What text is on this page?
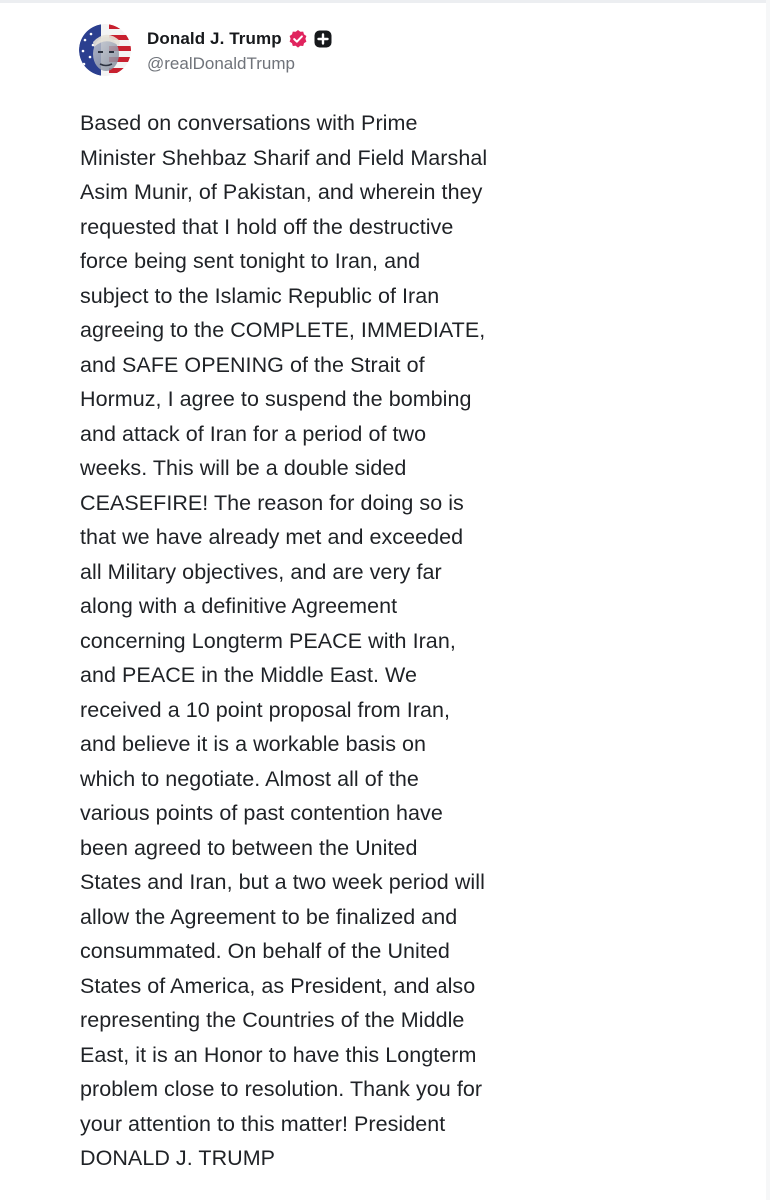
Donald J. Trump
@realDonaldTrump
Based on conversations with Prime
Minister Shehbaz Sharif and Field Marshal
Asim Munir, of Pakistan, and wherein they
requested that I hold off the destructive
force being sent tonight to Iran, and
subject to the Islamic Republic of Iran
agreeing to the COMPLETE, IMMEDIATE,
and SAFE OPENING of the Strait of
Hormuz, I agree to suspend the bombing
and attack of Iran for a period of two
weeks. This will be a double sided
CEASEFIRE! The reason for doing so is
that we have already met and exceeded
all Military objectives, and are very far
along with a definitive Agreement
concerning Longterm PEACE with Iran,
and PEACE in the Middle East. We
received a 10 point proposal from Iran,
and believe it is a workable basis on
which to negotiate. Almost all of the
various points of past contention have
been agreed to between the United
States and Iran, but a two week period will
allow the Agreement to be finalized and
consummated. On behalf of the United
States of America, as President, and also
representing the Countries of the Middle
East, it is an Honor to have this Longterm
problem close to resolution. Thank you for
your attention to this matter! President
DONALD J. TRUMP
